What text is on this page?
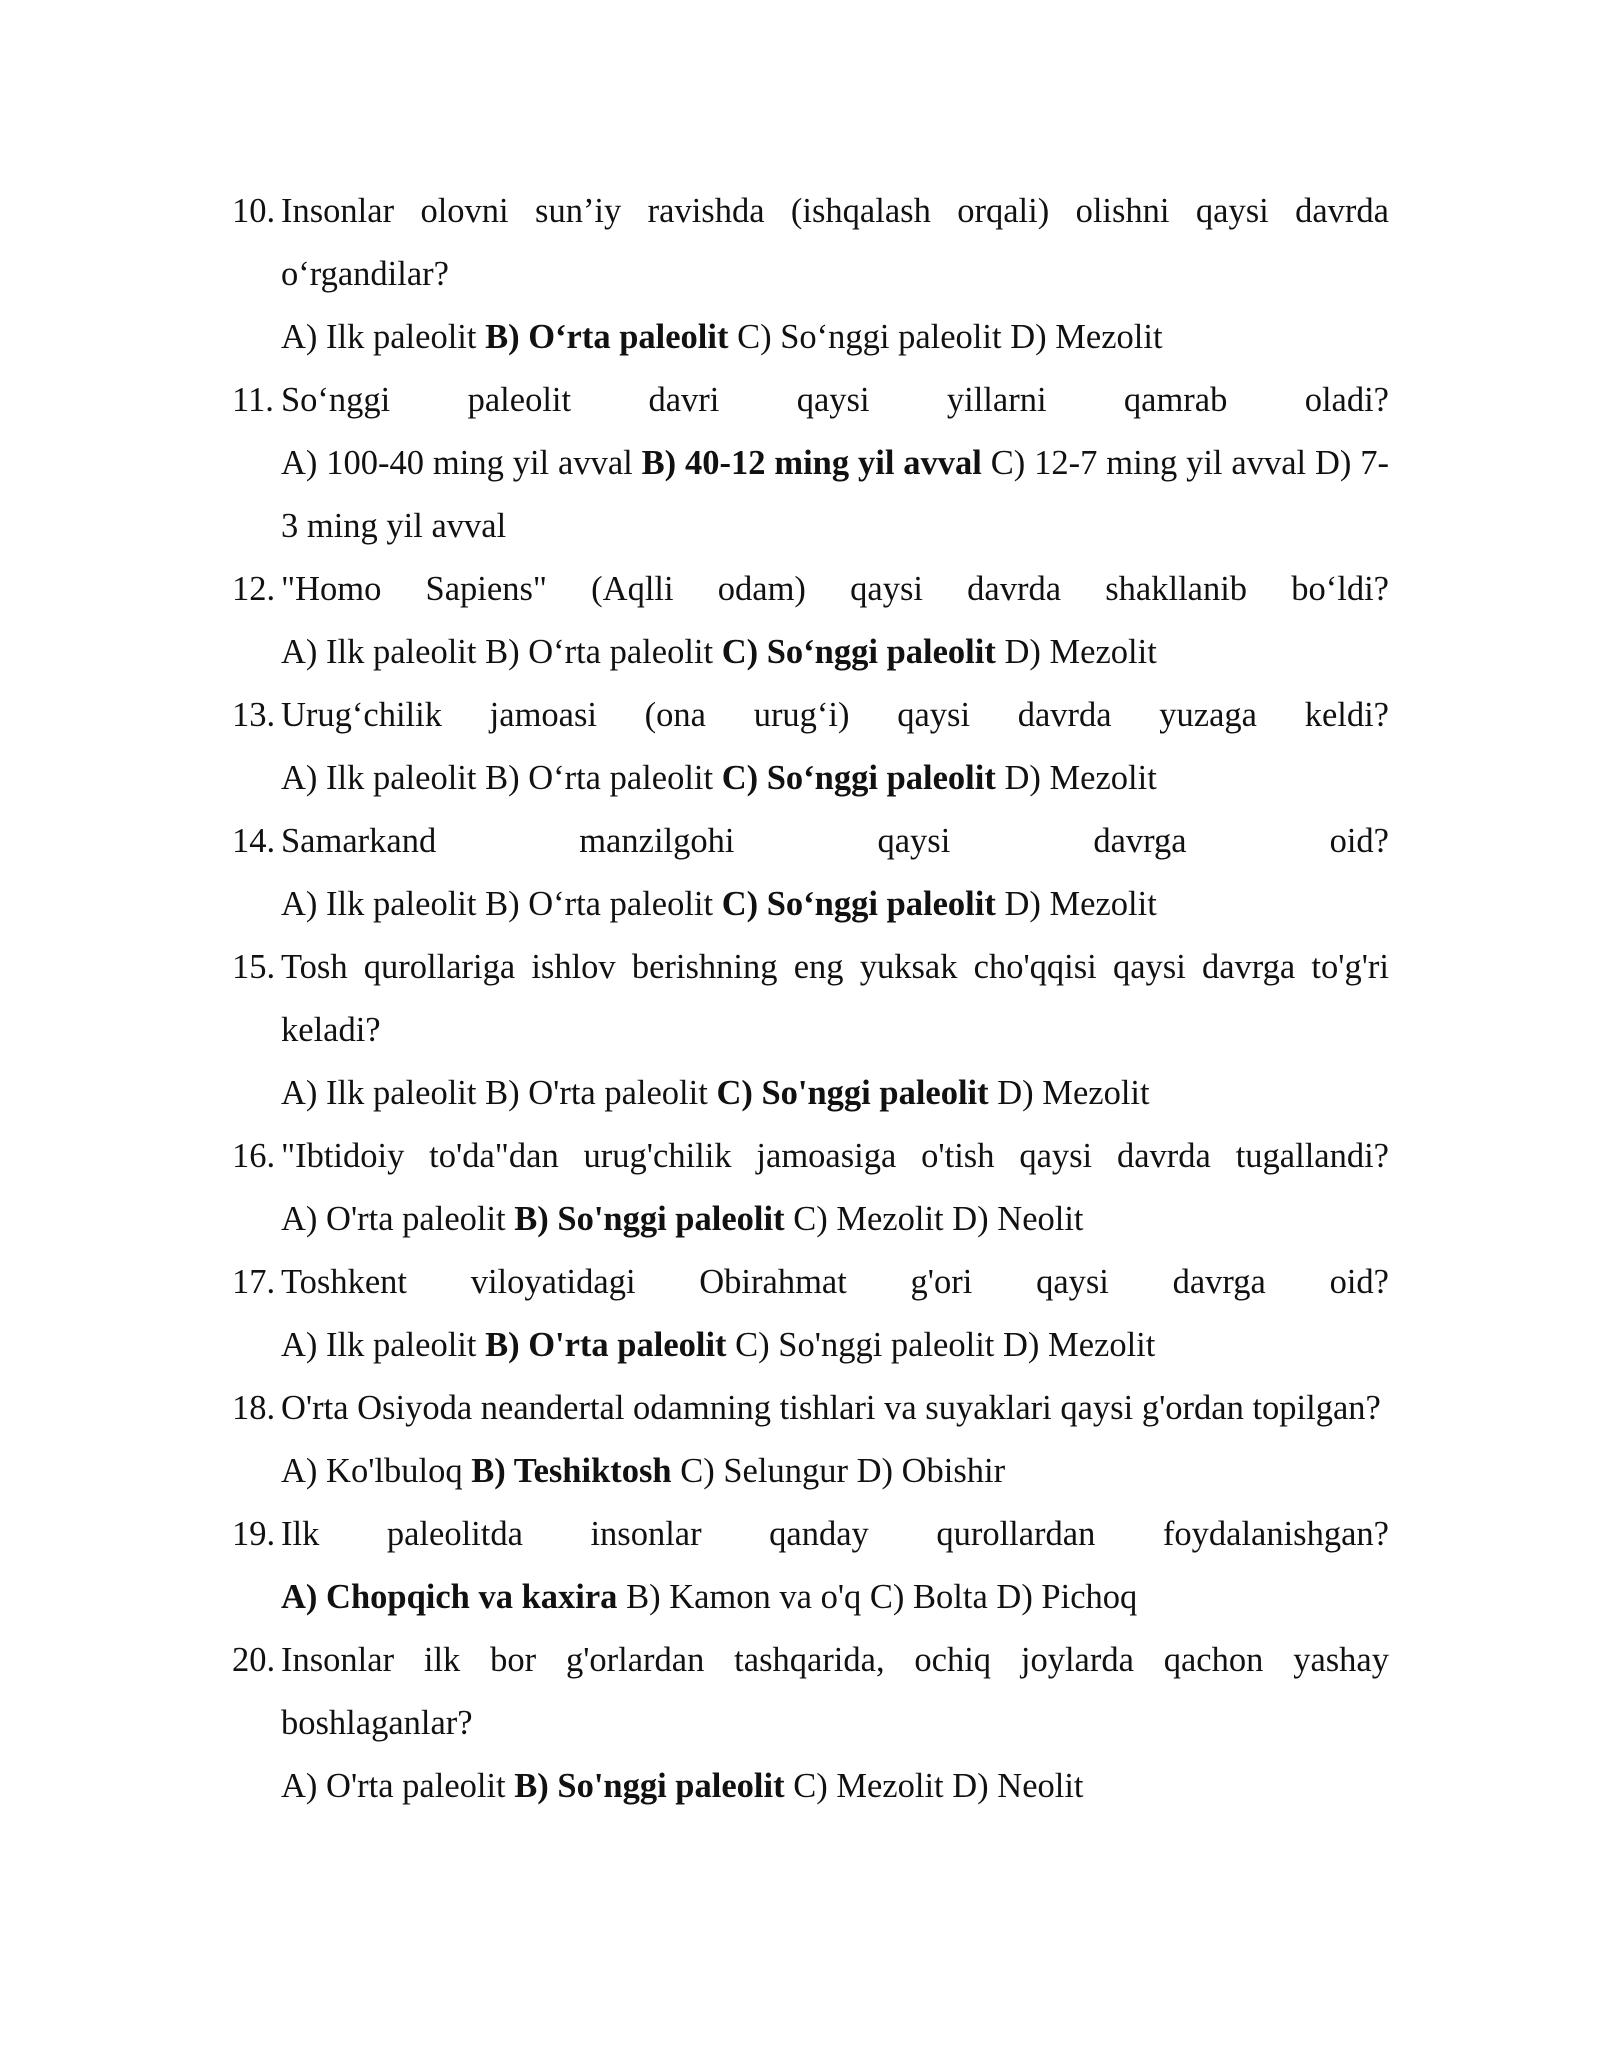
10. Insonlar olovni sun’iy ravishda (ishqalash orqali) olishni qaysi davrda o‘rgandilar?
A) Ilk paleolit B) O‘rta paleolit C) So‘nggi paleolit D) Mezolit
11. So‘nggi paleolit davri qaysi yillarni qamrab oladi?
A) 100-40 ming yil avval B) 40-12 ming yil avval C) 12-7 ming yil avval D) 7-3 ming yil avval
12. "Homo Sapiens" (Aqlli odam) qaysi davrda shakllanib bo‘ldi?
A) Ilk paleolit B) O‘rta paleolit C) So‘nggi paleolit D) Mezolit
13. Urug‘chilik jamoasi (ona urug‘i) qaysi davrda yuzaga keldi?
A) Ilk paleolit B) O‘rta paleolit C) So‘nggi paleolit D) Mezolit
14. Samarkand manzilgohi qaysi davrga oid?
A) Ilk paleolit B) O‘rta paleolit C) So‘nggi paleolit D) Mezolit
15. Tosh qurollariga ishlov berishning eng yuksak cho'qqisi qaysi davrga to'g'ri keladi?
A) Ilk paleolit B) O'rta paleolit C) So'nggi paleolit D) Mezolit
16. "Ibtidoiy to'da"dan urug'chilik jamoasiga o'tish qaysi davrda tugallandi?
A) O'rta paleolit B) So'nggi paleolit C) Mezolit D) Neolit
17. Toshkent viloyatidagi Obirahmat g'ori qaysi davrga oid?
A) Ilk paleolit B) O'rta paleolit C) So'nggi paleolit D) Mezolit
18. O'rta Osiyoda neandertal odamning tishlari va suyaklari qaysi g'ordan topilgan?
A) Ko'lbuloq B) Teshiktosh C) Selungur D) Obishir
19. Ilk paleolitda insonlar qanday qurollardan foydalanishgan?
A) Chopqich va kaxira B) Kamon va o'q C) Bolta D) Pichoq
20. Insonlar ilk bor g'orlardan tashqarida, ochiq joylarda qachon yashay boshlaganlar?
A) O'rta paleolit B) So'nggi paleolit C) Mezolit D) Neolit
